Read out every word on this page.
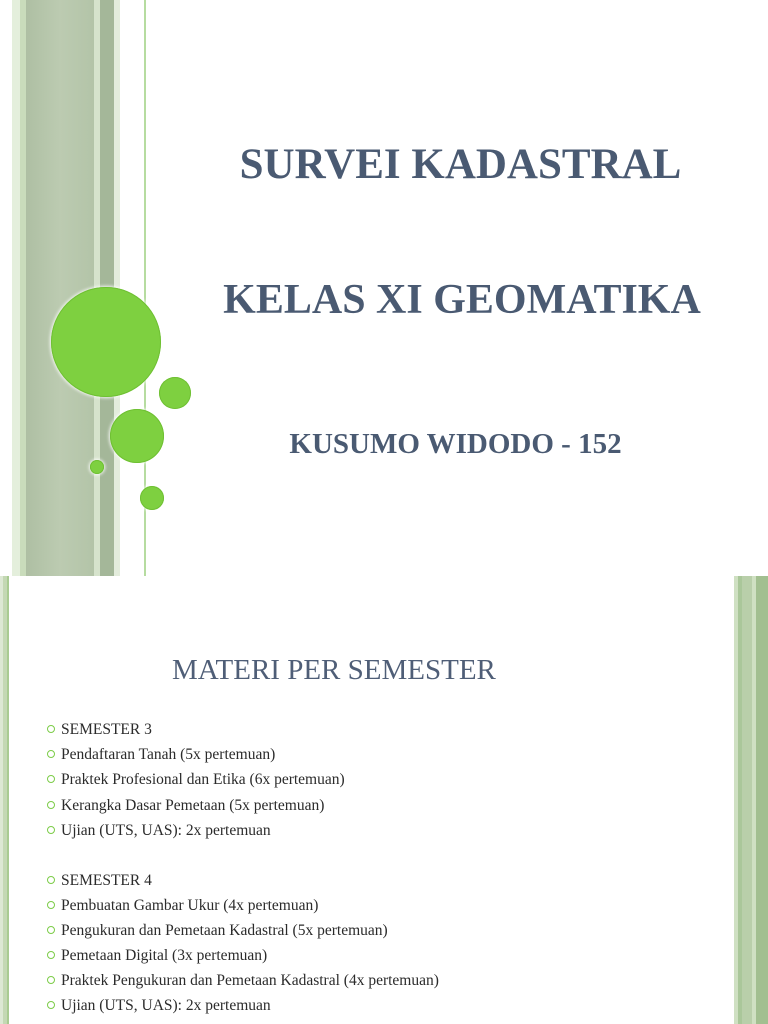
SURVEI KADASTRAL
KELAS XI GEOMATIKA
KUSUMO WIDODO - 152
MATERI PER SEMESTER
SEMESTER 3
Pendaftaran Tanah (5x pertemuan)
Praktek Profesional dan Etika (6x pertemuan)
Kerangka Dasar Pemetaan (5x pertemuan)
Ujian (UTS, UAS): 2x pertemuan
SEMESTER 4
Pembuatan Gambar Ukur (4x pertemuan)
Pengukuran dan Pemetaan Kadastral (5x pertemuan)
Pemetaan Digital (3x pertemuan)
Praktek Pengukuran dan Pemetaan Kadastral (4x pertemuan)
Ujian (UTS, UAS): 2x pertemuan
